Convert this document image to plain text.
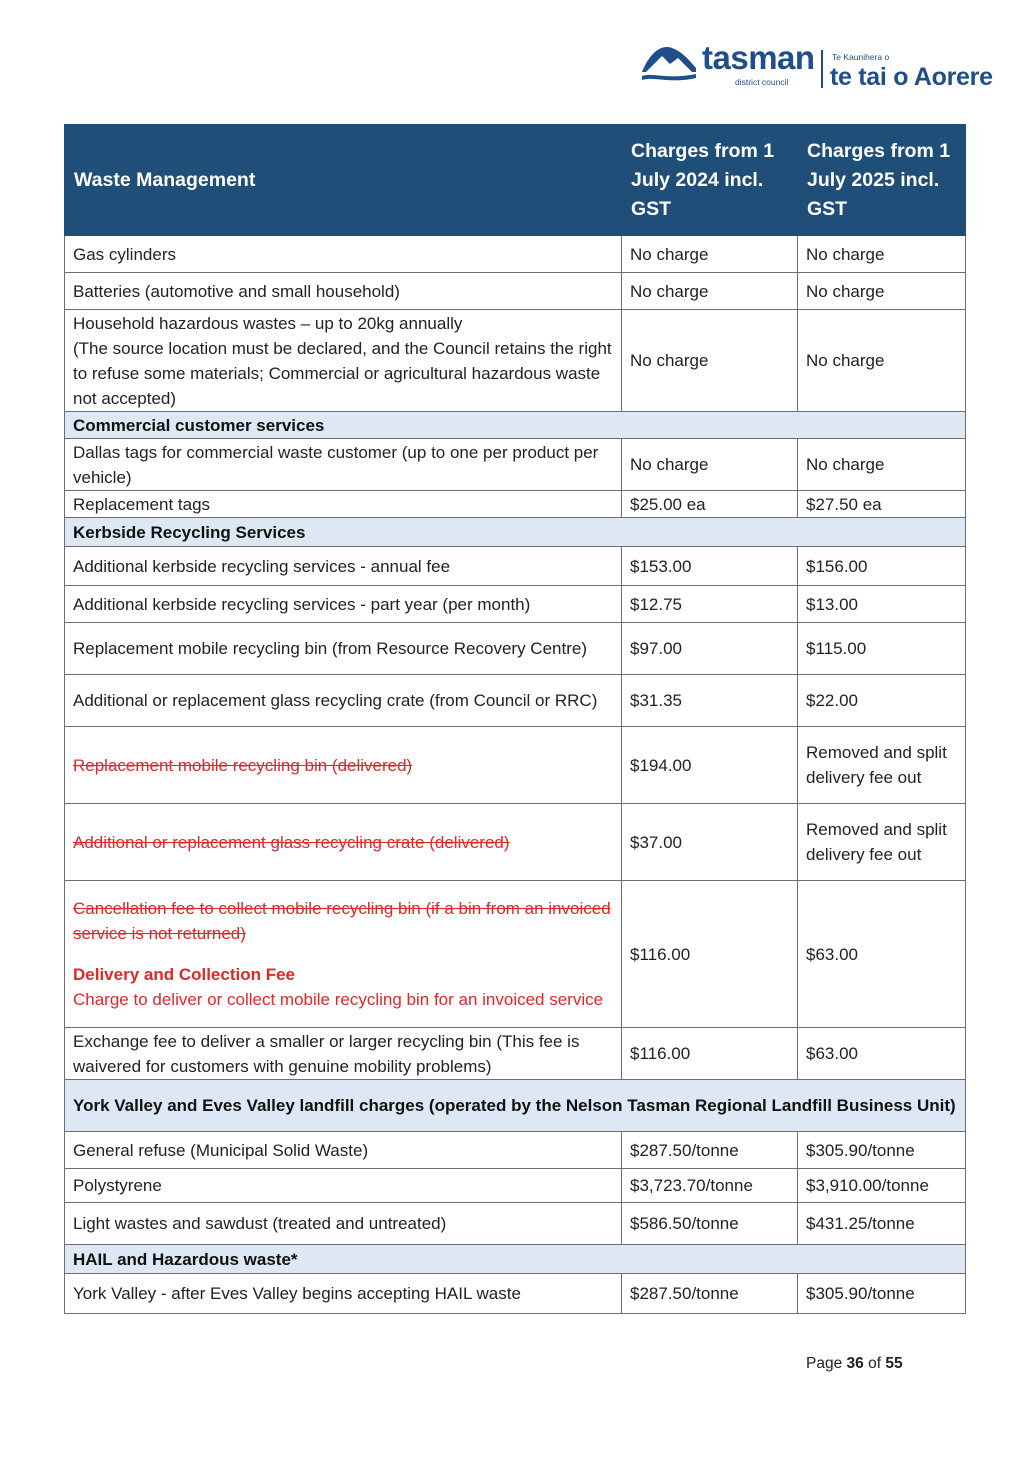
tasman
district council
Te Kaunihera o
te tai o Aorere
Waste Management	Charges from 1 July 2024 incl. GST	Charges from 1 July 2025 incl. GST
Gas cylinders	No charge	No charge
Batteries (automotive and small household)	No charge	No charge
Household hazardous wastes – up to 20kg annually
(The source location must be declared, and the Council retains the right to refuse some materials; Commercial or agricultural hazardous waste not accepted)	No charge	No charge
Commercial customer services		
Dallas tags for commercial waste customer (up to one per product per vehicle)	No charge	No charge
Replacement tags	$25.00 ea	$27.50 ea
Kerbside Recycling Services		
Additional kerbside recycling services - annual fee	$153.00	$156.00
Additional kerbside recycling services - part year (per month)	$12.75	$13.00
Replacement mobile recycling bin (from Resource Recovery Centre)	$97.00	$115.00
Additional or replacement glass recycling crate (from Council or RRC)	$31.35	$22.00
Replacement mobile recycling bin (delivered)	$194.00	Removed and split delivery fee out
Additional or replacement glass recycling crate (delivered)	$37.00	Removed and split delivery fee out
Cancellation fee to collect mobile recycling bin (if a bin from an invoiced service is not returned)
Delivery and Collection Fee
Charge to deliver or collect mobile recycling bin for an invoiced service	$116.00	$63.00
Exchange fee to deliver a smaller or larger recycling bin (This fee is waivered for customers with genuine mobility problems)	$116.00	$63.00
York Valley and Eves Valley landfill charges (operated by the Nelson Tasman Regional Landfill Business Unit)		
General refuse (Municipal Solid Waste)	$287.50/tonne	$305.90/tonne
Polystyrene	$3,723.70/tonne	$3,910.00/tonne
Light wastes and sawdust (treated and untreated)	$586.50/tonne	$431.25/tonne
HAIL and Hazardous waste*		
York Valley - after Eves Valley begins accepting HAIL waste	$287.50/tonne	$305.90/tonne
Page 36 of 55
